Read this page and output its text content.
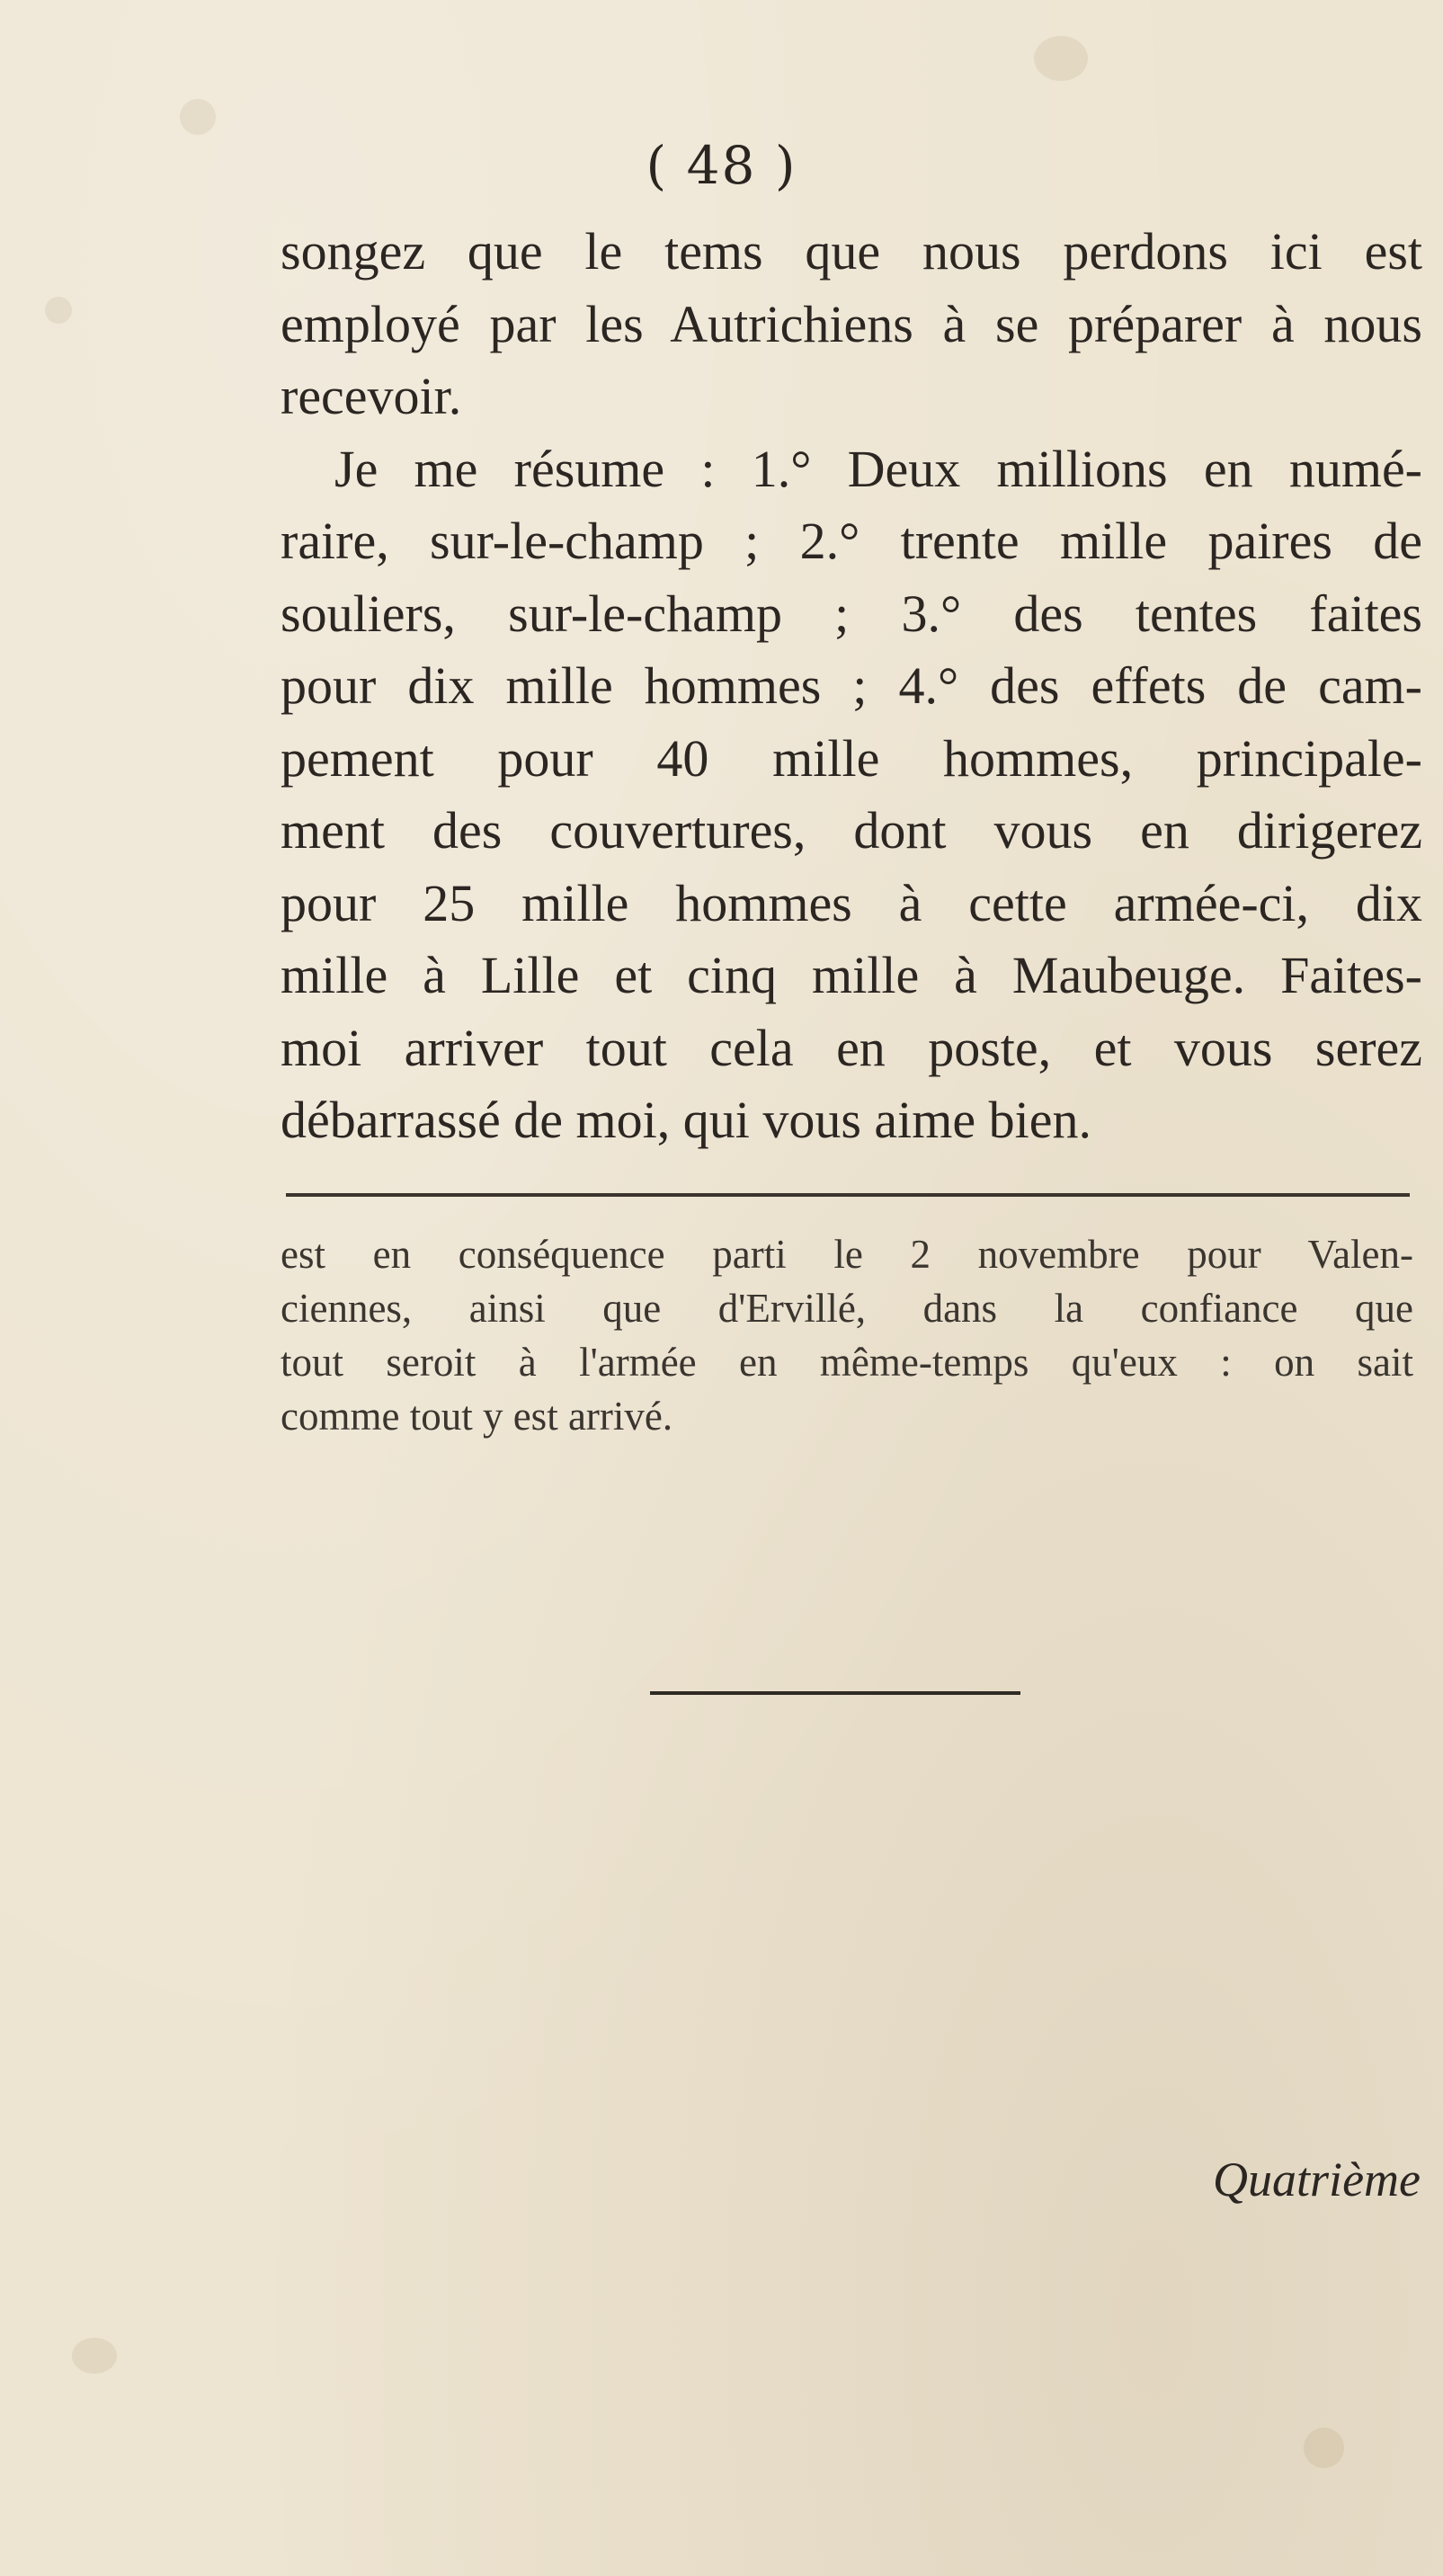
( 48 )
songez que le tems que nous perdons ici est
employé par les Autrichiens à se préparer à nous
recevoir.
Je me résume : 1.° Deux millions en numé-
raire, sur-le-champ ; 2.° trente mille paires de
souliers, sur-le-champ ; 3.° des tentes faites
pour dix mille hommes ; 4.° des effets de cam-
pement pour 40 mille hommes, principale-
ment des couvertures, dont vous en dirigerez
pour 25 mille hommes à cette armée-ci, dix
mille à Lille et cinq mille à Maubeuge. Faites-
moi arriver tout cela en poste, et vous serez
débarrassé de moi, qui vous aime bien.
est en conséquence parti le 2 novembre pour Valen-
ciennes, ainsi que d'Ervillé, dans la confiance que
tout seroit à l'armée en même-temps qu'eux : on sait
comme tout y est arrivé.
Quatrième
